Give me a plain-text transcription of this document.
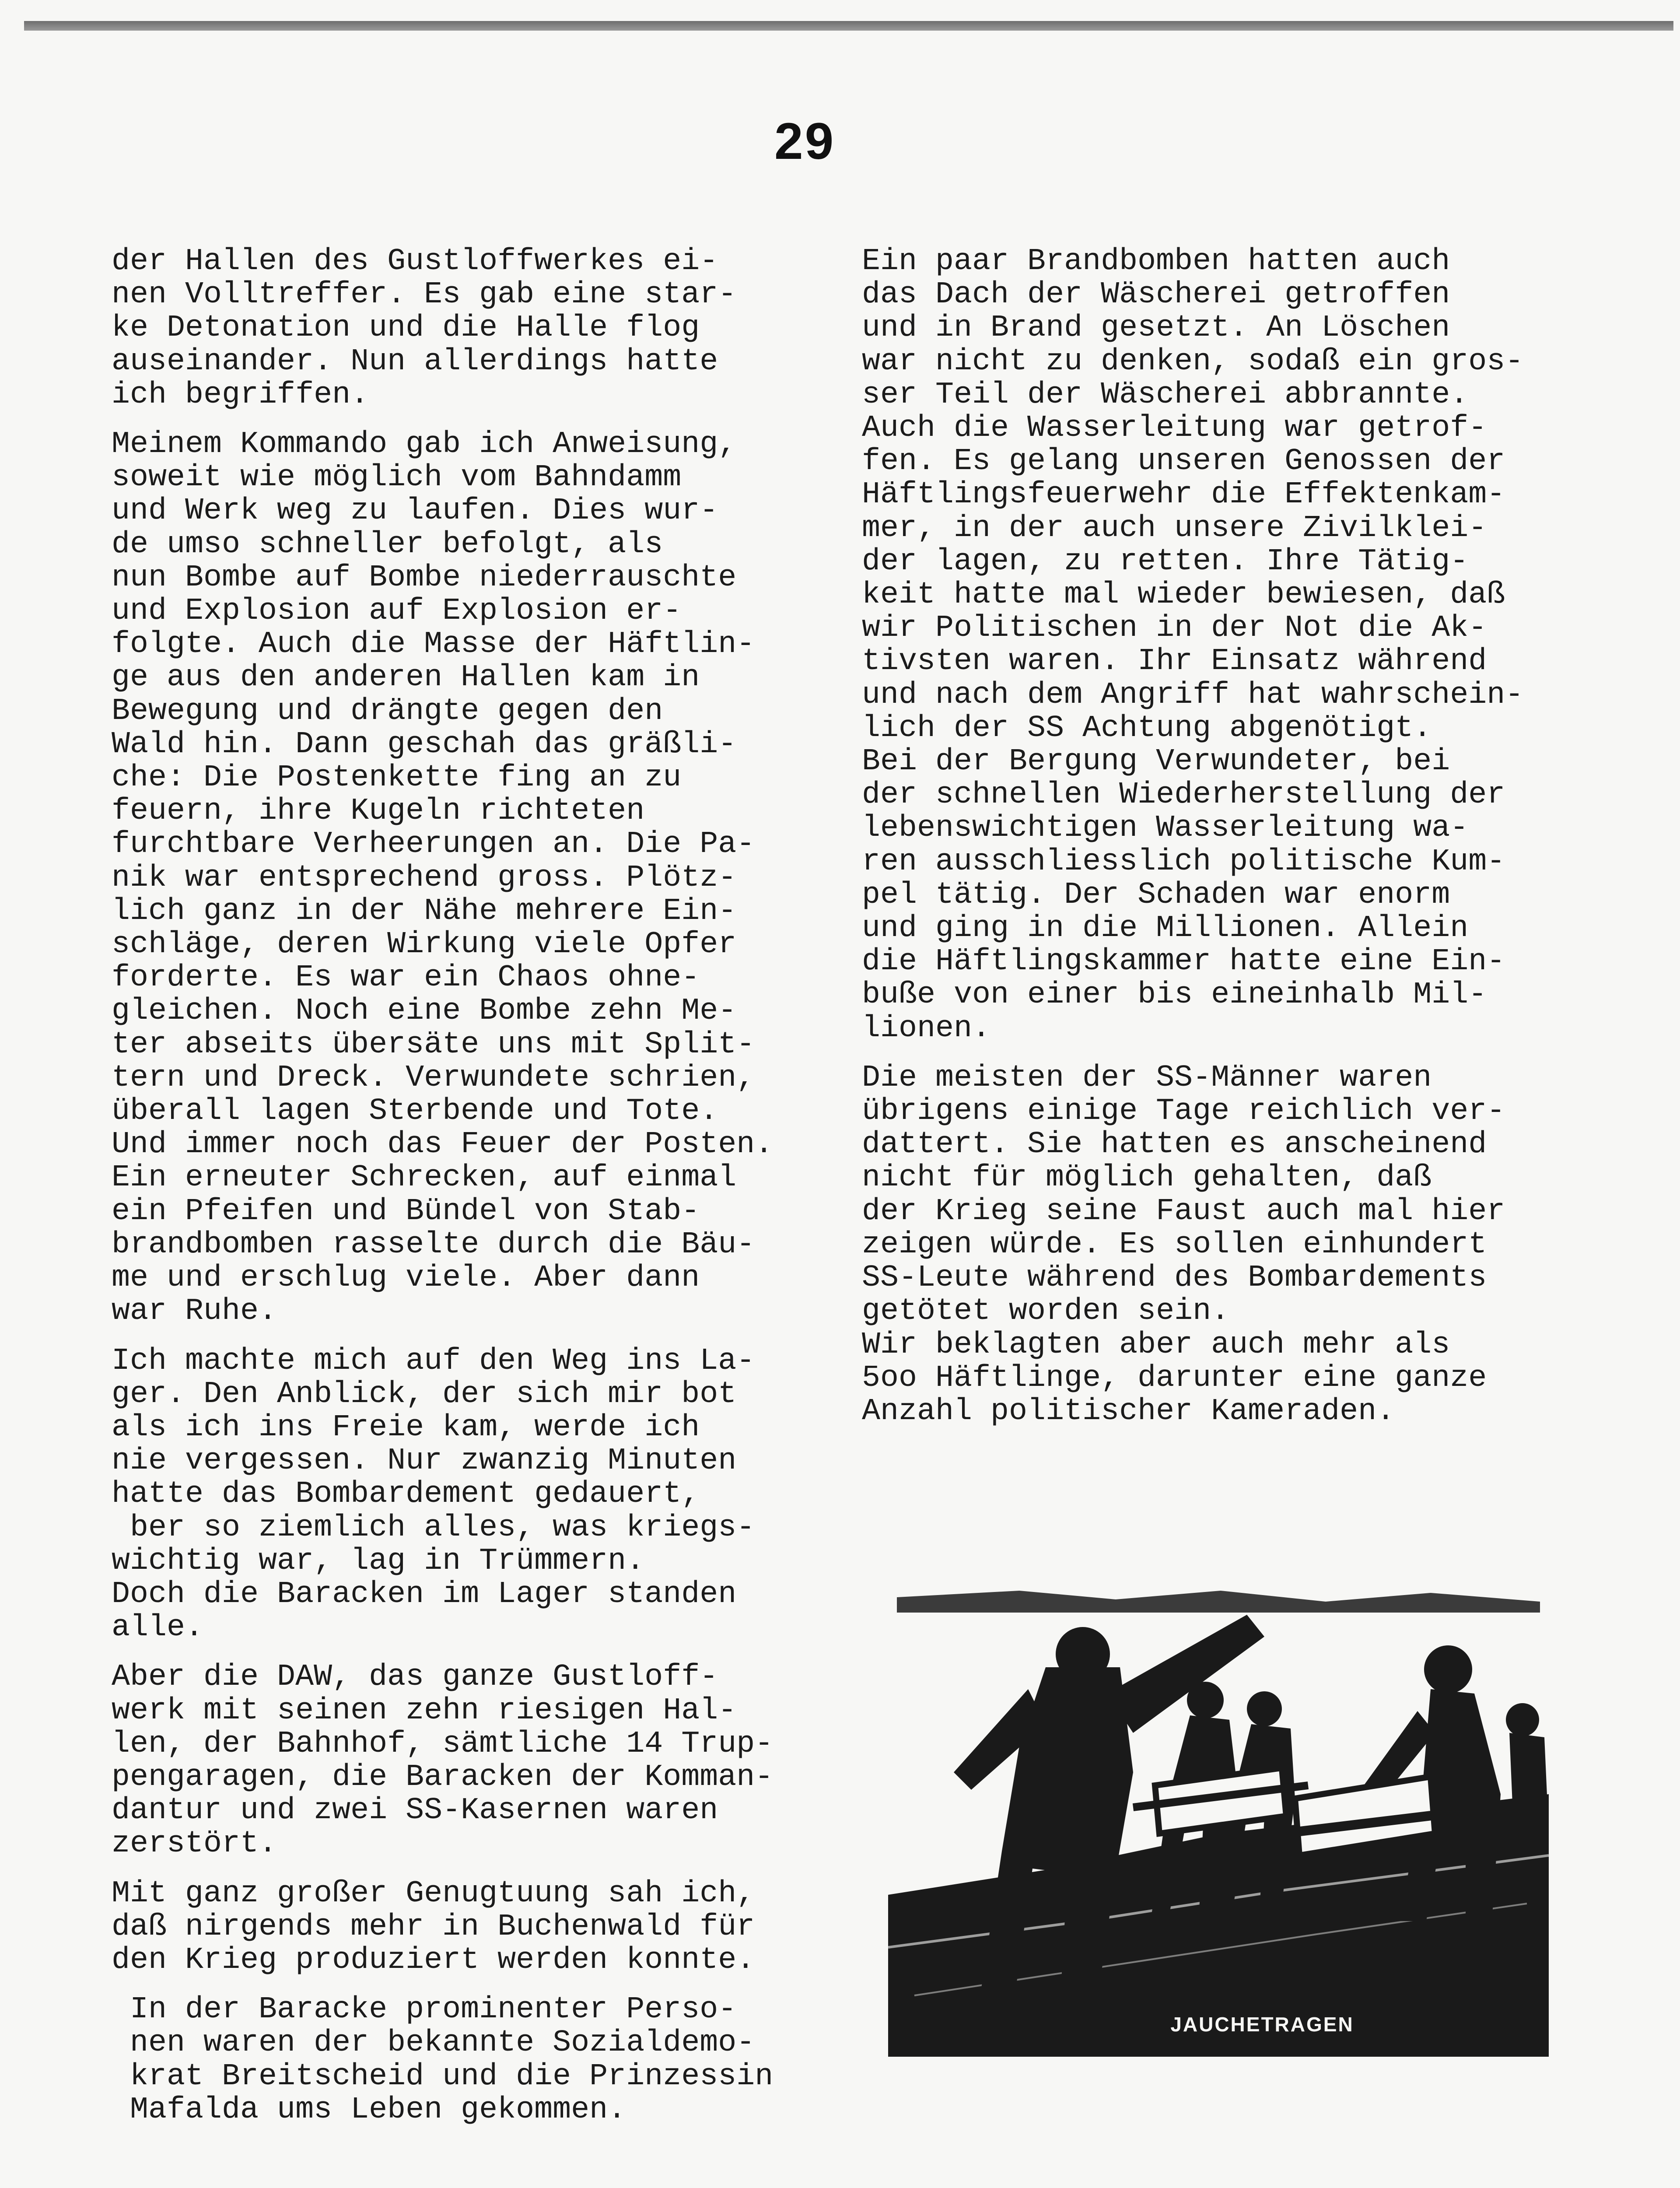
29
der Hallen des Gustloffwerkes ei-
nen Volltreffer. Es gab eine star-
ke Detonation und die Halle flog
auseinander. Nun allerdings hatte
ich begriffen.
Meinem Kommando gab ich Anweisung,
soweit wie möglich vom Bahndamm
und Werk weg zu laufen. Dies wur-
de umso schneller befolgt, als
nun Bombe auf Bombe niederrauschte
und Explosion auf Explosion er-
folgte. Auch die Masse der Häftlin-
ge aus den anderen Hallen kam in
Bewegung und drängte gegen den
Wald hin. Dann geschah das gräßli-
che: Die Postenkette fing an zu
feuern, ihre Kugeln richteten
furchtbare Verheerungen an. Die Pa-
nik war entsprechend gross. Plötz-
lich ganz in der Nähe mehrere Ein-
schläge, deren Wirkung viele Opfer
forderte. Es war ein Chaos ohne-
gleichen. Noch eine Bombe zehn Me-
ter abseits übersäte uns mit Split-
tern und Dreck. Verwundete schrien,
überall lagen Sterbende und Tote.
Und immer noch das Feuer der Posten.
Ein erneuter Schrecken, auf einmal
ein Pfeifen und Bündel von Stab-
brandbomben rasselte durch die Bäu-
me und erschlug viele. Aber dann
war Ruhe.
Ich machte mich auf den Weg ins La-
ger. Den Anblick, der sich mir bot
als ich ins Freie kam, werde ich
nie vergessen. Nur zwanzig Minuten
hatte das Bombardement gedauert,
ber so ziemlich alles, was kriegs-
wichtig war, lag in Trümmern.
Doch die Baracken im Lager standen
alle.
Aber die DAW, das ganze Gustloff-
werk mit seinen zehn riesigen Hal-
len, der Bahnhof, sämtliche 14 Trup-
pengaragen, die Baracken der Komman-
dantur und zwei SS-Kasernen waren
zerstört.
Mit ganz großer Genugtuung sah ich,
daß nirgends mehr in Buchenwald für
den Krieg produziert werden konnte.
In der Baracke prominenter Perso-
nen waren der bekannte Sozialdemo-
krat Breitscheid und die Prinzessin
Mafalda ums Leben gekommen.
Ein paar Brandbomben hatten auch
das Dach der Wäscherei getroffen
und in Brand gesetzt. An Löschen
war nicht zu denken, sodaß ein gros-
ser Teil der Wäscherei abbrannte.
Auch die Wasserleitung war getrof-
fen. Es gelang unseren Genossen der
Häftlingsfeuerwehr die Effektenkam-
mer, in der auch unsere Zivilklei-
der lagen, zu retten. Ihre Tätig-
keit hatte mal wieder bewiesen, daß
wir Politischen in der Not die Ak-
tivsten waren. Ihr Einsatz während
und nach dem Angriff hat wahrschein-
lich der SS Achtung abgenötigt.
Bei der Bergung Verwundeter, bei
der schnellen Wiederherstellung der
lebenswichtigen Wasserleitung wa-
ren ausschliesslich politische Kum-
pel tätig. Der Schaden war enorm
und ging in die Millionen. Allein
die Häftlingskammer hatte eine Ein-
buße von einer bis eineinhalb Mil-
lionen.
Die meisten der SS-Männer waren
übrigens einige Tage reichlich ver-
dattert. Sie hatten es anscheinend
nicht für möglich gehalten, daß
der Krieg seine Faust auch mal hier
zeigen würde. Es sollen einhundert
SS-Leute während des Bombardements
getötet worden sein.
Wir beklagten aber auch mehr als
5oo Häftlinge, darunter eine ganze
Anzahl politischer Kameraden.
JAUCHETRAGEN
